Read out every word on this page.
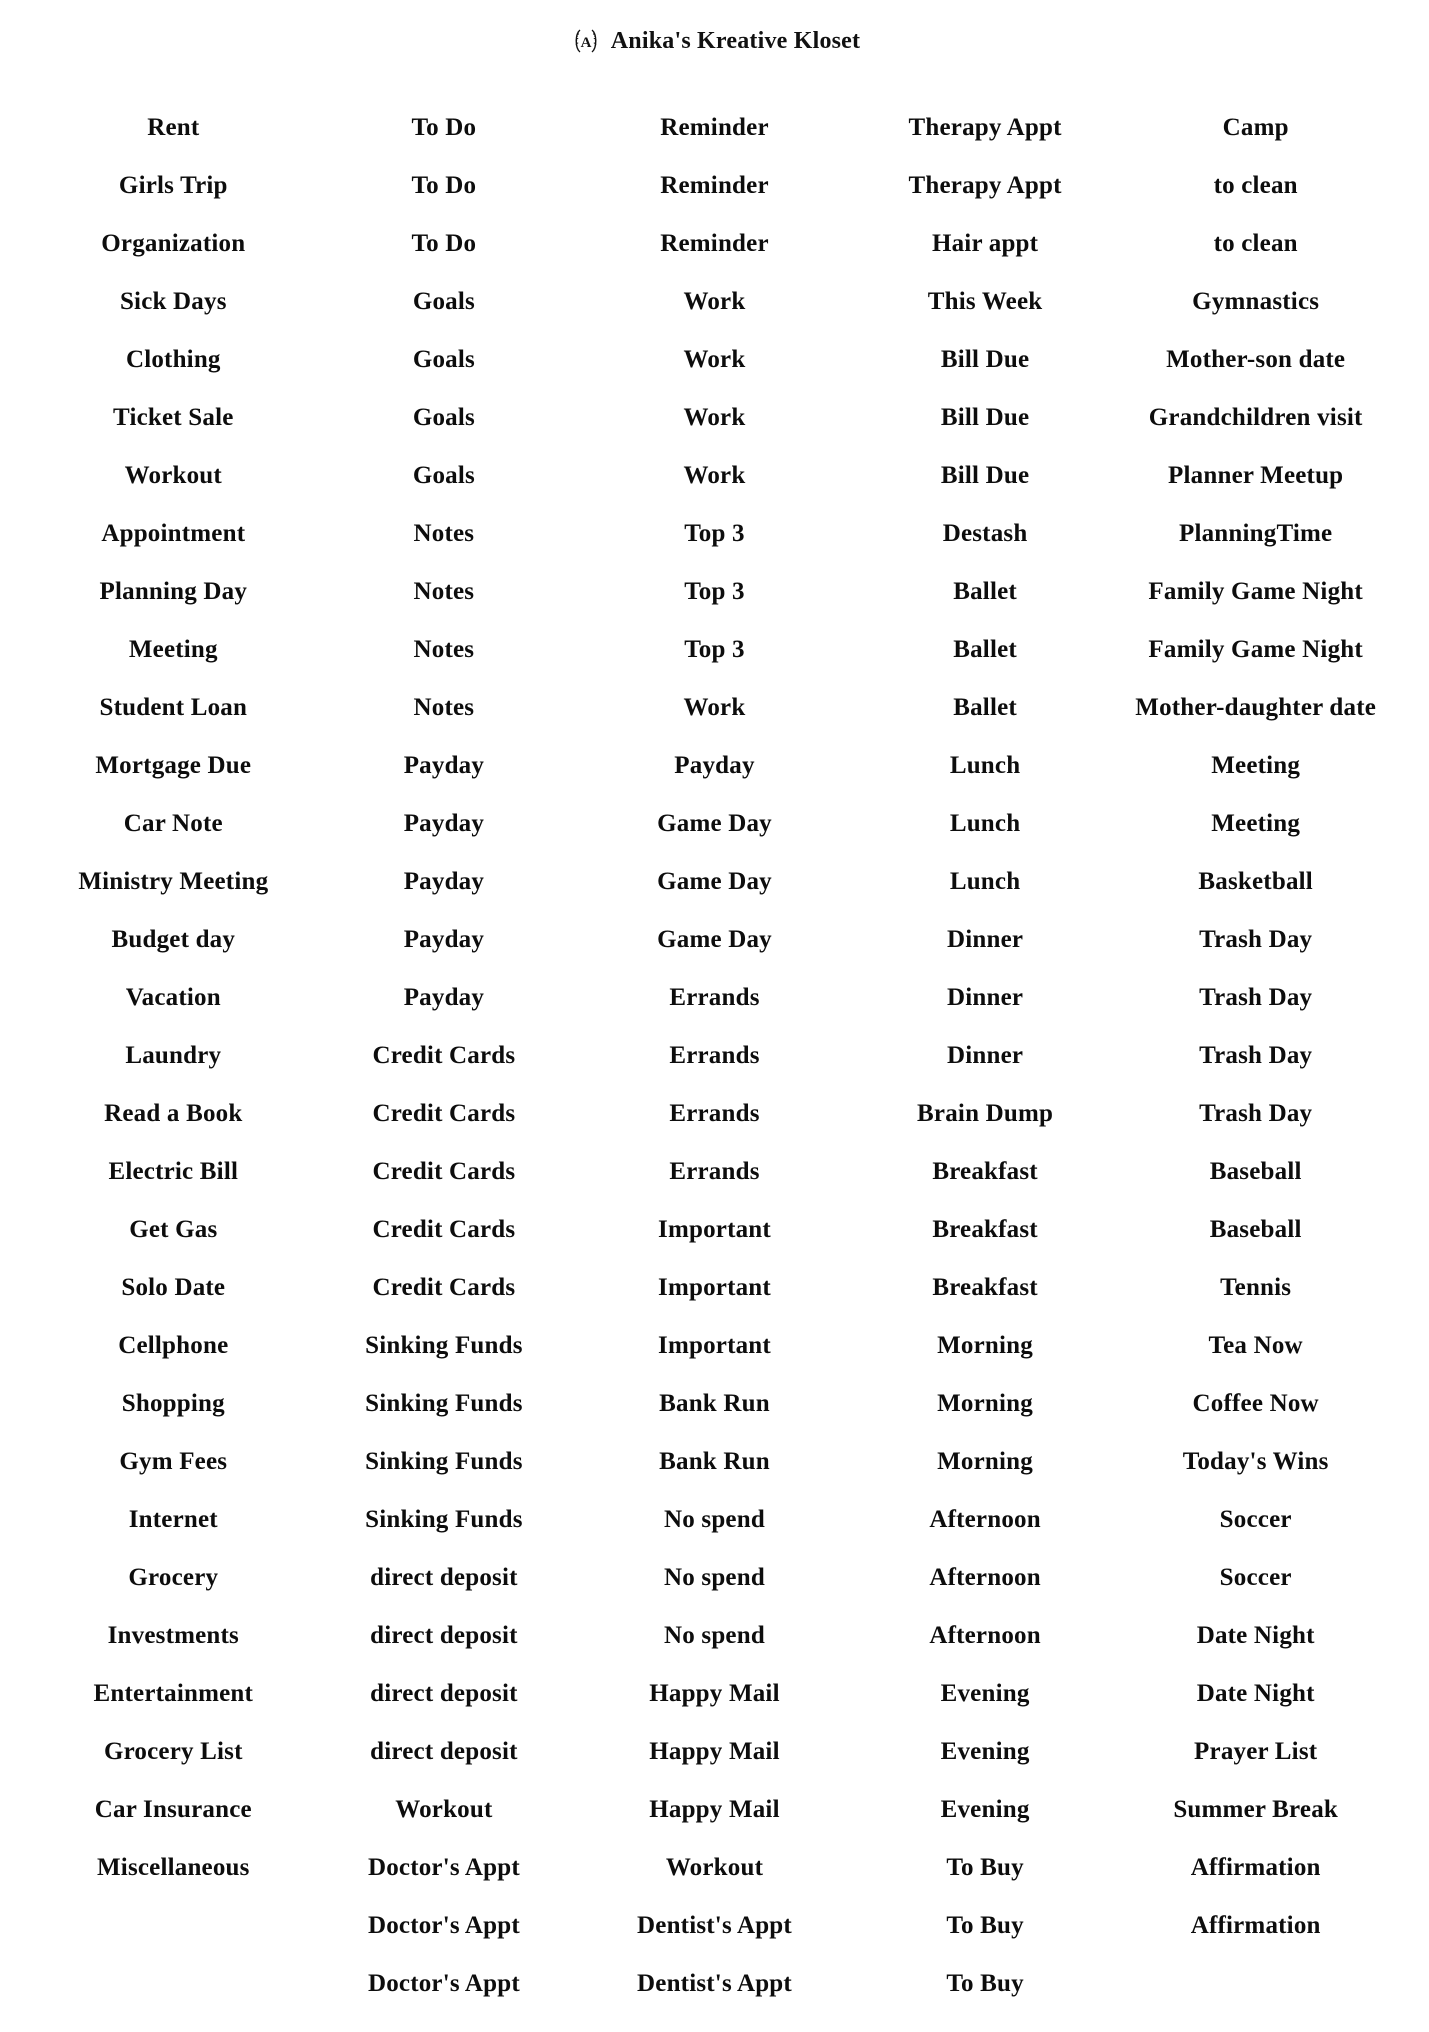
A Anika's Kreative Kloset
Rent
Girls Trip
Organization
Sick Days
Clothing
Ticket Sale
Workout
Appointment
Planning Day
Meeting
Student Loan
Mortgage Due
Car Note
Ministry Meeting
Budget day
Vacation
Laundry
Read a Book
Electric Bill
Get Gas
Solo Date
Cellphone
Shopping
Gym Fees
Internet
Grocery
Investments
Entertainment
Grocery List
Car Insurance
Miscellaneous
To Do
To Do
To Do
Goals
Goals
Goals
Goals
Notes
Notes
Notes
Notes
Payday
Payday
Payday
Payday
Payday
Credit Cards
Credit Cards
Credit Cards
Credit Cards
Credit Cards
Sinking Funds
Sinking Funds
Sinking Funds
Sinking Funds
direct deposit
direct deposit
direct deposit
direct deposit
Workout
Doctor's Appt
Doctor's Appt
Doctor's Appt
Reminder
Reminder
Reminder
Work
Work
Work
Work
Top 3
Top 3
Top 3
Work
Payday
Game Day
Game Day
Game Day
Errands
Errands
Errands
Errands
Important
Important
Important
Bank Run
Bank Run
No spend
No spend
No spend
Happy Mail
Happy Mail
Happy Mail
Workout
Dentist's Appt
Dentist's Appt
Therapy Appt
Therapy Appt
Hair appt
This Week
Bill Due
Bill Due
Bill Due
Destash
Ballet
Ballet
Ballet
Lunch
Lunch
Lunch
Dinner
Dinner
Dinner
Brain Dump
Breakfast
Breakfast
Breakfast
Morning
Morning
Morning
Afternoon
Afternoon
Afternoon
Evening
Evening
Evening
To Buy
To Buy
To Buy
Camp
to clean
to clean
Gymnastics
Mother-son date
Grandchildren visit
Planner Meetup
PlanningTime
Family Game Night
Family Game Night
Mother-daughter date
Meeting
Meeting
Basketball
Trash Day
Trash Day
Trash Day
Trash Day
Baseball
Baseball
Tennis
Tea Now
Coffee Now
Today's Wins
Soccer
Soccer
Date Night
Date Night
Prayer List
Summer Break
Affirmation
Affirmation
